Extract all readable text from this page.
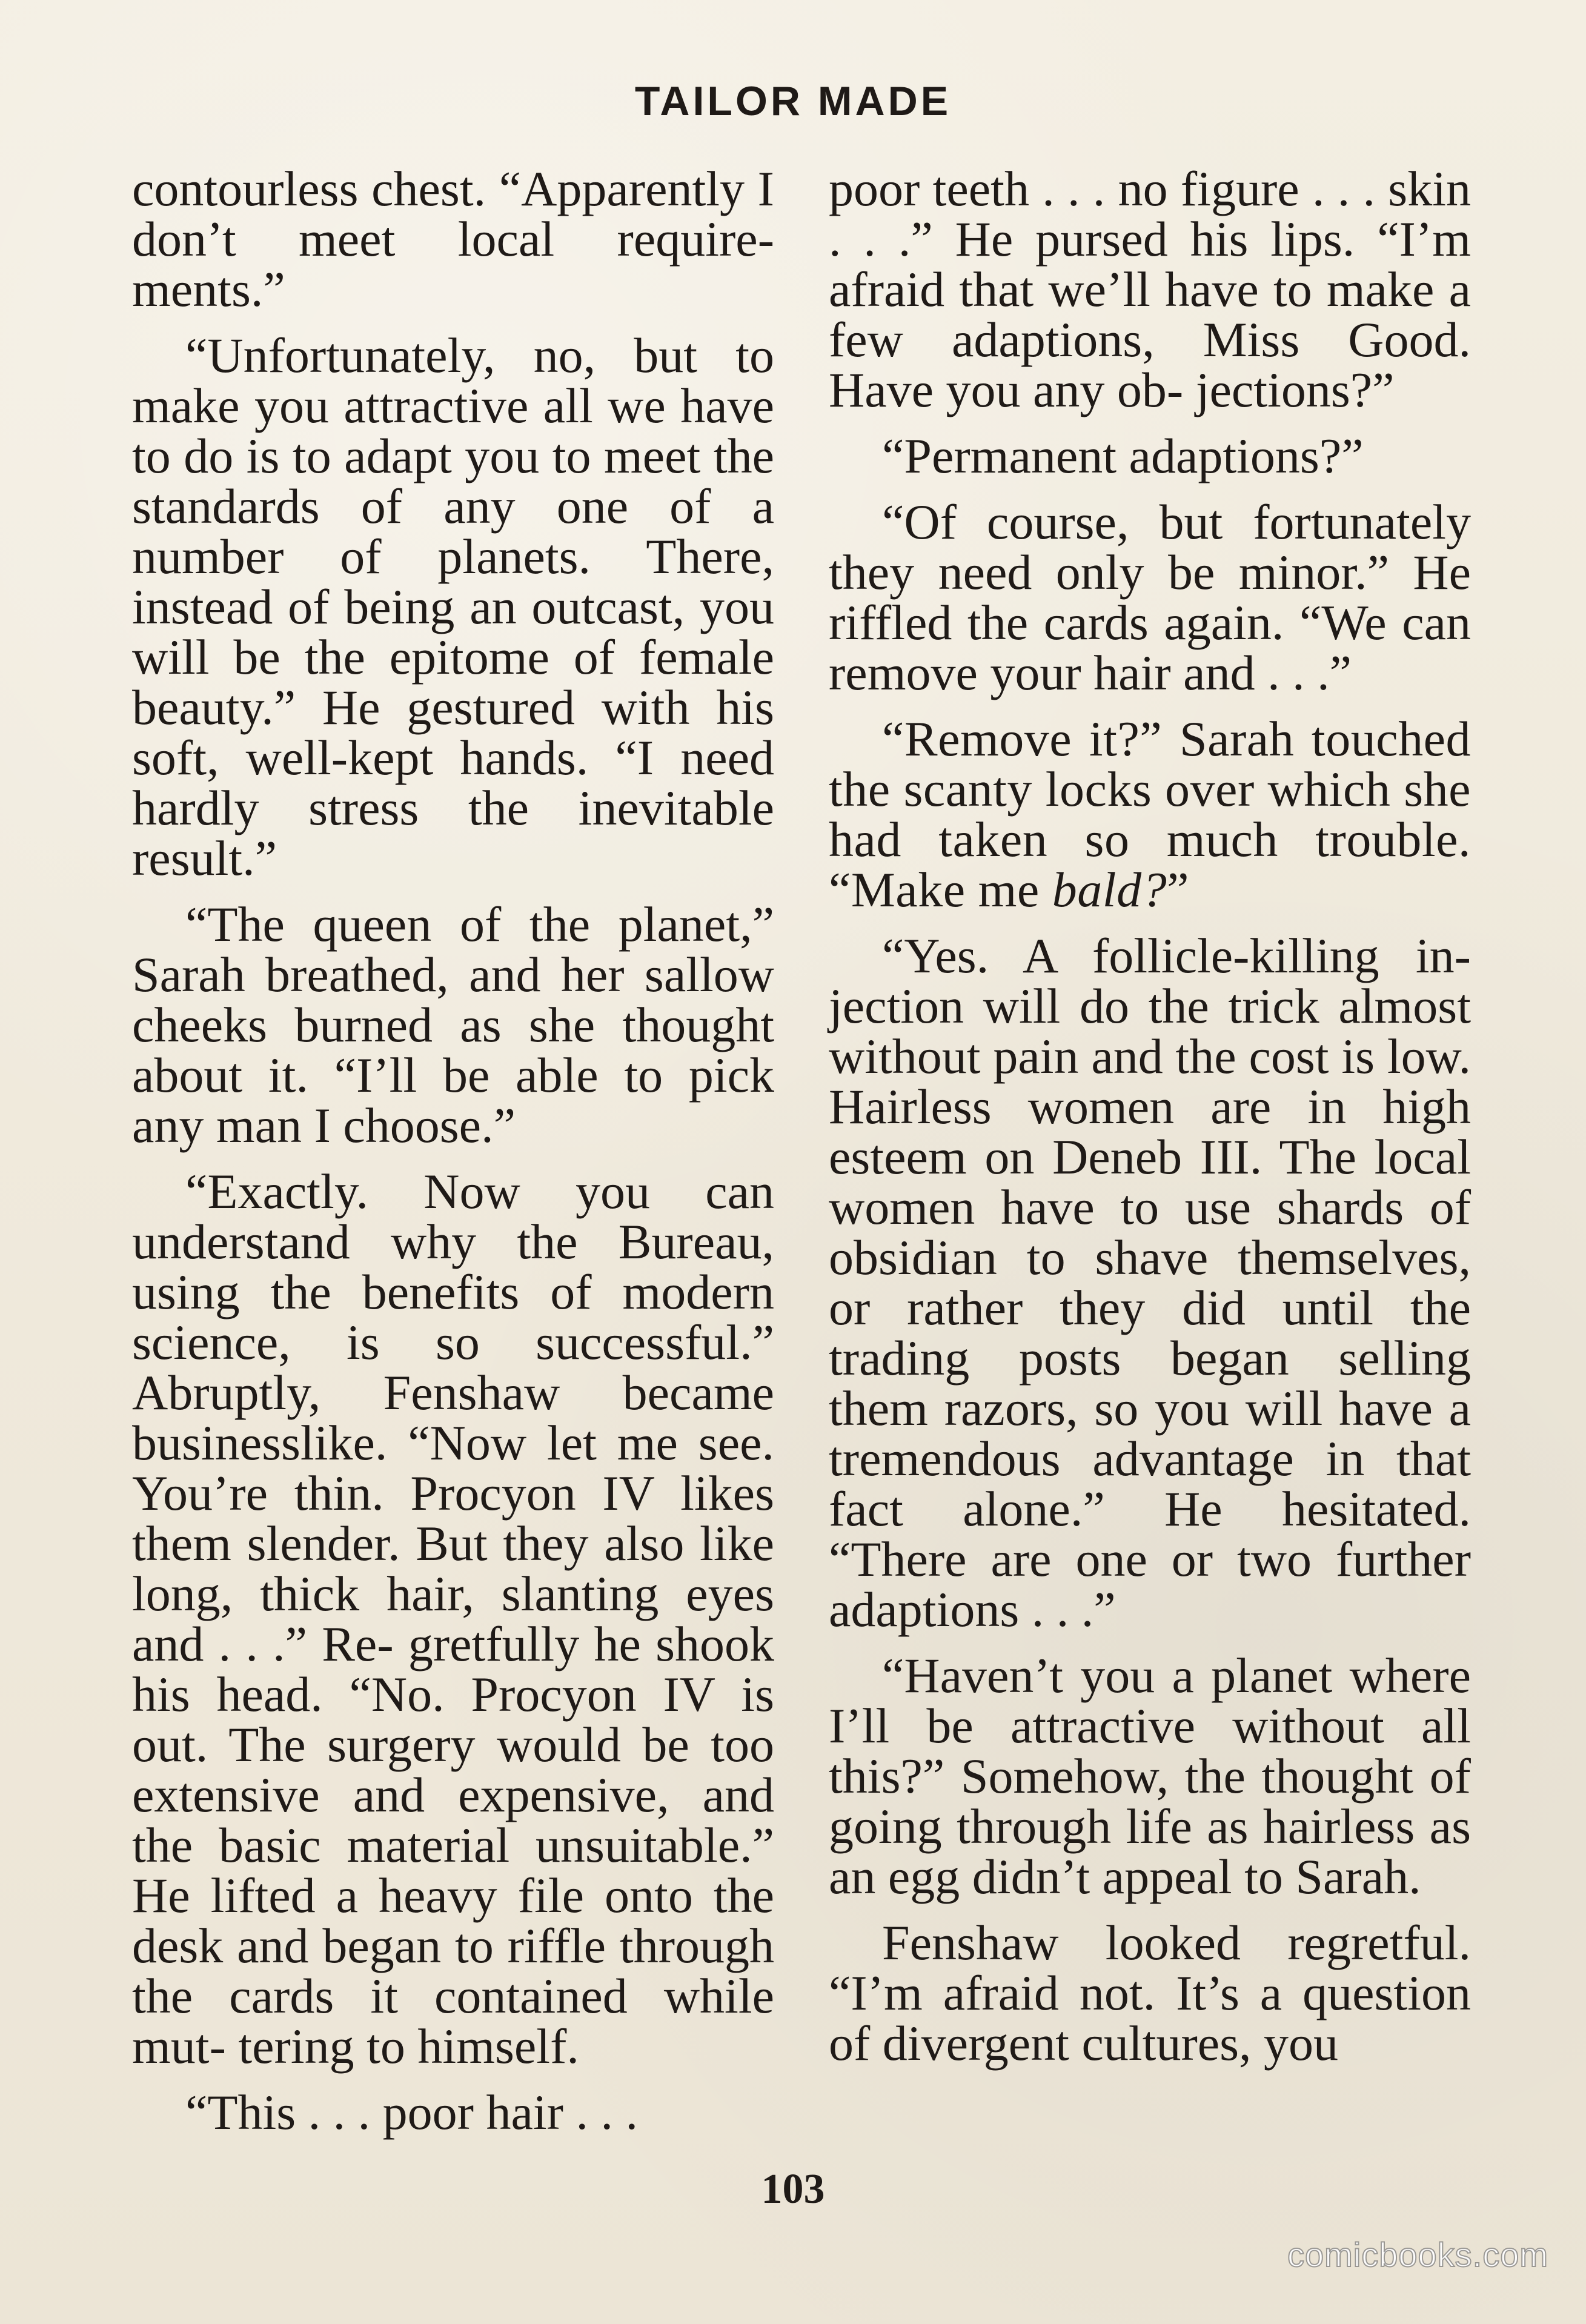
TAILOR MADE

contourless chest. “Apparently I don’t meet local require- ments.”

“Unfortunately, no, but to make you attractive all we have to do is to adapt you to meet the standards of any one of a number of planets. There, instead of being an outcast, you will be the epitome of female beauty.” He gestured with his soft, well-kept hands. “I need hardly stress the inevitable result.”

“The queen of the planet,” Sarah breathed, and her sallow cheeks burned as she thought about it. “I’ll be able to pick any man I choose.”

“Exactly. Now you can understand why the Bureau, using the benefits of modern science, is so successful.” Abruptly, Fenshaw became businesslike. “Now let me see. You’re thin. Procyon IV likes them slender. But they also like long, thick hair, slanting eyes and . . .” Re- gretfully he shook his head. “No. Procyon IV is out. The surgery would be too extensive and expensive, and the basic material unsuitable.” He lifted a heavy file onto the desk and began to riffle through the cards it contained while mut- tering to himself.

“This . . . poor hair . . .

poor teeth . . . no figure . . . skin . . .” He pursed his lips. “I’m afraid that we’ll have to make a few adaptions, Miss Good. Have you any ob- jections?”

“Permanent adaptions?”

“Of course, but fortunately they need only be minor.” He riffled the cards again. “We can remove your hair and . . .”

“Remove it?” Sarah touched the scanty locks over which she had taken so much trouble. “Make me bald?”

“Yes. A follicle-killing in- jection will do the trick almost without pain and the cost is low. Hairless women are in high esteem on Deneb III. The local women have to use shards of obsidian to shave themselves, or rather they did until the trading posts began selling them razors, so you will have a tremendous advantage in that fact alone.” He hesitated. “There are one or two further adaptions . . .”

“Haven’t you a planet where I’ll be attractive without all this?” Somehow, the thought of going through life as hairless as an egg didn’t appeal to Sarah.

Fenshaw looked regretful. “I’m afraid not. It’s a question of divergent cultures, you

103
comicbooks.com
